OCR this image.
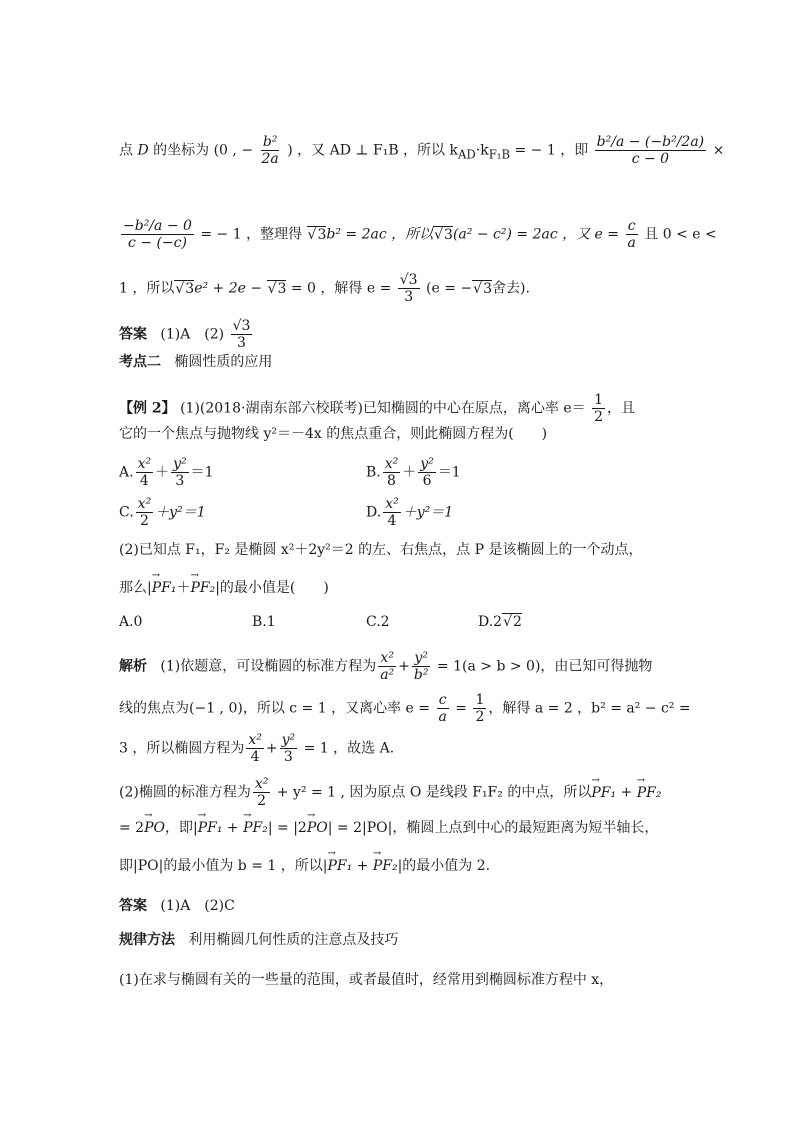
点 D 的坐标为 (0 , − $\frac{\text{b²}}{2a}$ ) ，又 AD ⊥ F₁B ，所以 $k_{AD}\cdot k_{F_1B}$ = − 1 ，即 $\frac{\text{b²/a − (−b²/2a)}}{c - 0}$ ×
$\frac{\text{−b²/a − 0}}{c - (-c)}$ = − 1 ，整理得 √ 3b² = 2ac ，所以 √ 3(a² − c²) = 2ac ，又 $e = \frac{c}{a}$ 且 0 < e <
1 ，所以 √ 3e² + 2e − √ 3 = 0 ，解得 $e = \frac{√3}{3} (e$ = − √ 3舍去).
答案 (1)A　$(2) \frac{√3}{3}$
考点二 椭圆性质的应用
【例 2】 (1)(2018·湖南东部六校联考)已知椭圆的中心在原点，离心率 $e= \frac{1}{2}$ ，且
它的一个焦点与抛物线 y²＝－4x 的焦点重合，则此椭圆方程为(　　)
A. $\frac{\text{x²}}{4} + \frac{\text{y²}}{3} =1$	B. $\frac{\text{x²}}{8} + \frac{\text{y²}}{6} =1$
C. $\frac{\text{x²}}{2} +y^2=1$	D. $\frac{\text{x²}}{4} +y^2=1$
(2)已知点 F₁，F₂ 是椭圆 x²＋2y²＝2 的左、右焦点，点 P 是该椭圆上的一个动点，
那么|→ PF₁＋→ PF₂|的最小值是(　　)
A.0	B.1	C.2	D.2 √ 2
解析 (1)依题意，可设椭圆的标准方程为 $\frac{\text{x²}}{\text{a²}} + \frac{\text{y²}}{\text{b²}} = 1(a > b > 0)$，由已知可得抛物
线的焦点为(−1 , 0)，所以 c = 1 ，又离心率 $e = \frac{c}{a} = \frac{1}{2}$ ，解得 a = 2 ，b² = a² − c² =
3 ，所以椭圆方程为 $\frac{\text{x²}}{4} + \frac{\text{y²}}{3} = 1$ ，故选 A.
(2)椭圆的标准方程为 $\frac{\text{x²}}{2} + y^2 = 1$ , 因为原点 O 是线段 F₁F₂ 的中点，所以→ PF₁ + → PF₂
= 2→ PO，即|→ PF₁ + → PF₂| = |2→ PO| = 2|PO|，椭圆上点到中心的最短距离为短半轴长，
即|PO|的最小值为 b = 1 ，所以|→ PF₁ + → PF₂|的最小值为 2.
答案 (1)A　(2)C
规律方法 利用椭圆几何性质的注意点及技巧
(1)在求与椭圆有关的一些量的范围，或者最值时，经常用到椭圆标准方程中 x，
